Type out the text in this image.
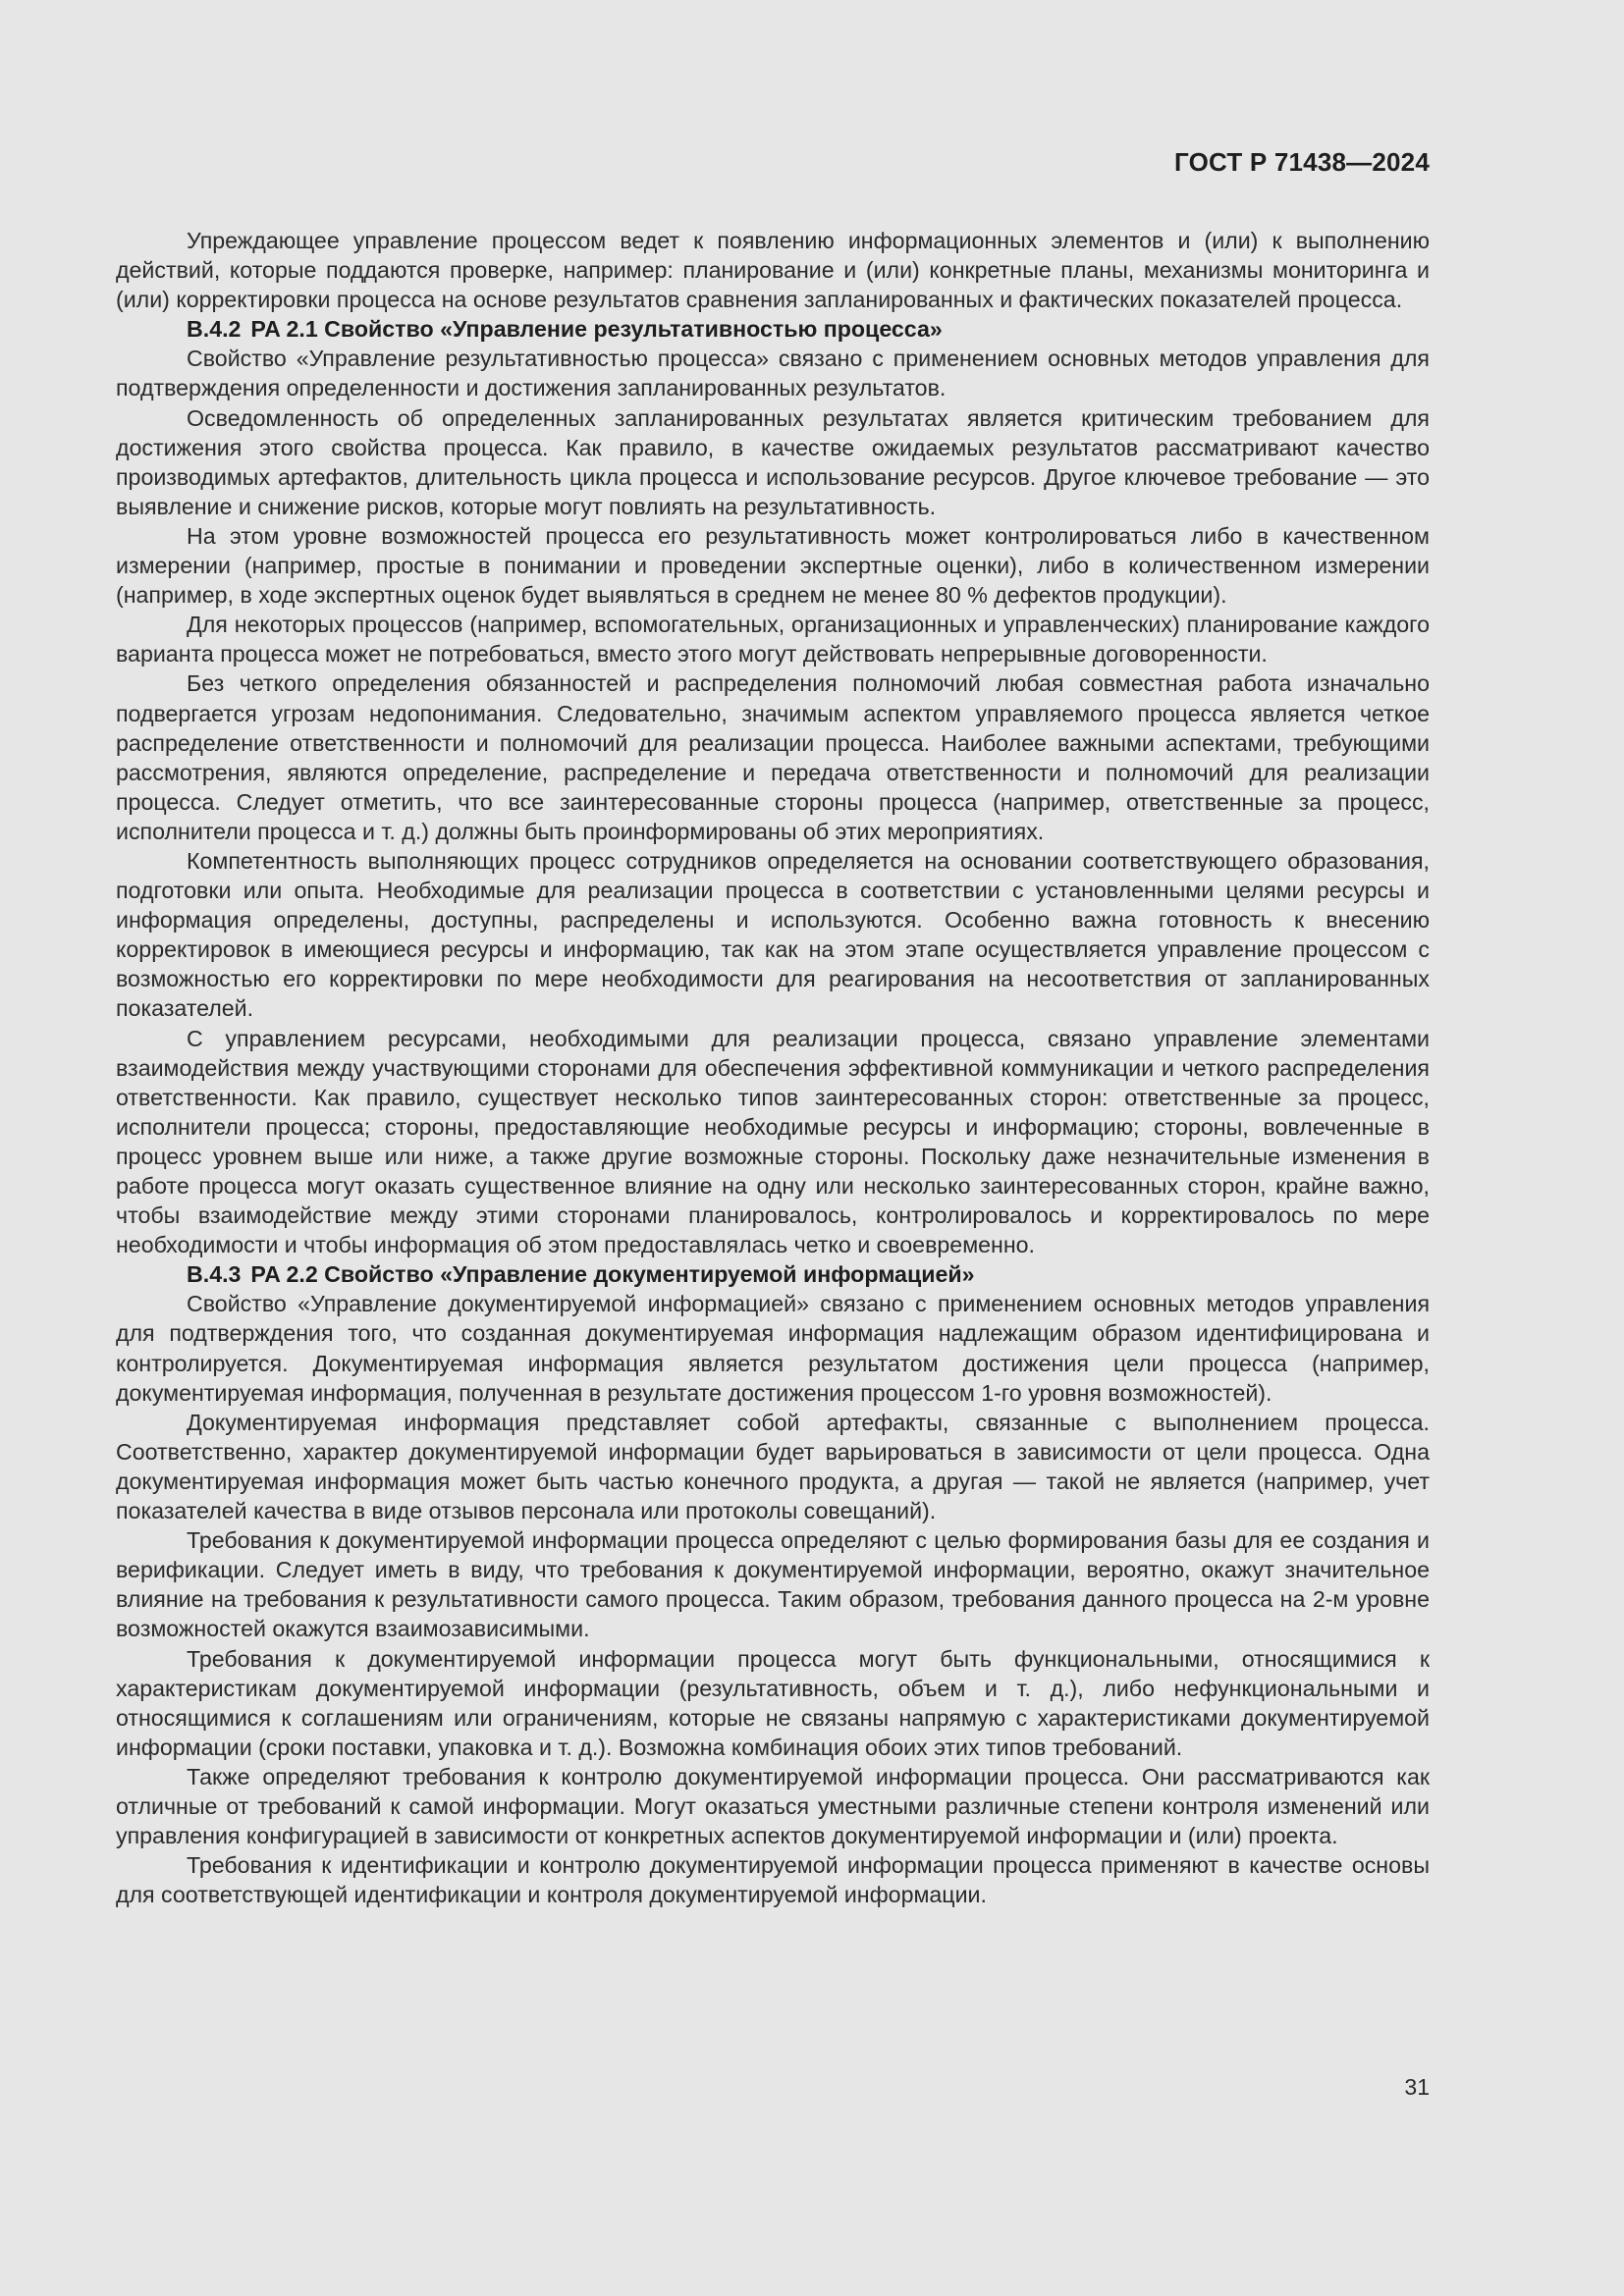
ГОСТ Р 71438—2024

Упреждающее управление процессом ведет к появлению информационных элементов и (или) к выполнению действий, которые поддаются проверке, например: планирование и (или) конкретные планы, механизмы мониторинга и (или) корректировки процесса на основе результатов сравнения запланированных и фактических показателей процесса.

В.4.2 PA 2.1 Свойство «Управление результативностью процесса»

Свойство «Управление результативностью процесса» связано с применением основных методов управления для подтверждения определенности и достижения запланированных результатов.

Осведомленность об определенных запланированных результатах является критическим требованием для достижения этого свойства процесса. Как правило, в качестве ожидаемых результатов рассматривают качество производимых артефактов, длительность цикла процесса и использование ресурсов. Другое ключевое требование — это выявление и снижение рисков, которые могут повлиять на результативность.

На этом уровне возможностей процесса его результативность может контролироваться либо в качественном измерении (например, простые в понимании и проведении экспертные оценки), либо в количественном измерении (например, в ходе экспертных оценок будет выявляться в среднем не менее 80 % дефектов продукции).

Для некоторых процессов (например, вспомогательных, организационных и управленческих) планирование каждого варианта процесса может не потребоваться, вместо этого могут действовать непрерывные договоренности.

Без четкого определения обязанностей и распределения полномочий любая совместная работа изначально подвергается угрозам недопонимания. Следовательно, значимым аспектом управляемого процесса является четкое распределение ответственности и полномочий для реализации процесса. Наиболее важными аспектами, требующими рассмотрения, являются определение, распределение и передача ответственности и полномочий для реализации процесса. Следует отметить, что все заинтересованные стороны процесса (например, ответственные за процесс, исполнители процесса и т. д.) должны быть проинформированы об этих мероприятиях.

Компетентность выполняющих процесс сотрудников определяется на основании соответствующего образования, подготовки или опыта. Необходимые для реализации процесса в соответствии с установленными целями ресурсы и информация определены, доступны, распределены и используются. Особенно важна готовность к внесению корректировок в имеющиеся ресурсы и информацию, так как на этом этапе осуществляется управление процессом с возможностью его корректировки по мере необходимости для реагирования на несоответствия от запланированных показателей.

С управлением ресурсами, необходимыми для реализации процесса, связано управление элементами взаимодействия между участвующими сторонами для обеспечения эффективной коммуникации и четкого распределения ответственности. Как правило, существует несколько типов заинтересованных сторон: ответственные за процесс, исполнители процесса; стороны, предоставляющие необходимые ресурсы и информацию; стороны, вовлеченные в процесс уровнем выше или ниже, а также другие возможные стороны. Поскольку даже незначительные изменения в работе процесса могут оказать существенное влияние на одну или несколько заинтересованных сторон, крайне важно, чтобы взаимодействие между этими сторонами планировалось, контролировалось и корректировалось по мере необходимости и чтобы информация об этом предоставлялась четко и своевременно.

В.4.3 PA 2.2 Свойство «Управление документируемой информацией»

Свойство «Управление документируемой информацией» связано с применением основных методов управления для подтверждения того, что созданная документируемая информация надлежащим образом идентифицирована и контролируется. Документируемая информация является результатом достижения цели процесса (например, документируемая информация, полученная в результате достижения процессом 1-го уровня возможностей).

Документируемая информация представляет собой артефакты, связанные с выполнением процесса. Соответственно, характер документируемой информации будет варьироваться в зависимости от цели процесса. Одна документируемая информация может быть частью конечного продукта, а другая — такой не является (например, учет показателей качества в виде отзывов персонала или протоколы совещаний).

Требования к документируемой информации процесса определяют с целью формирования базы для ее создания и верификации. Следует иметь в виду, что требования к документируемой информации, вероятно, окажут значительное влияние на требования к результативности самого процесса. Таким образом, требования данного процесса на 2-м уровне возможностей окажутся взаимозависимыми.

Требования к документируемой информации процесса могут быть функциональными, относящимися к характеристикам документируемой информации (результативность, объем и т. д.), либо нефункциональными и относящимися к соглашениям или ограничениям, которые не связаны напрямую с характеристиками документируемой информации (сроки поставки, упаковка и т. д.). Возможна комбинация обоих этих типов требований.

Также определяют требования к контролю документируемой информации процесса. Они рассматриваются как отличные от требований к самой информации. Могут оказаться уместными различные степени контроля изменений или управления конфигурацией в зависимости от конкретных аспектов документируемой информации и (или) проекта.

Требования к идентификации и контролю документируемой информации процесса применяют в качестве основы для соответствующей идентификации и контроля документируемой информации.

31
